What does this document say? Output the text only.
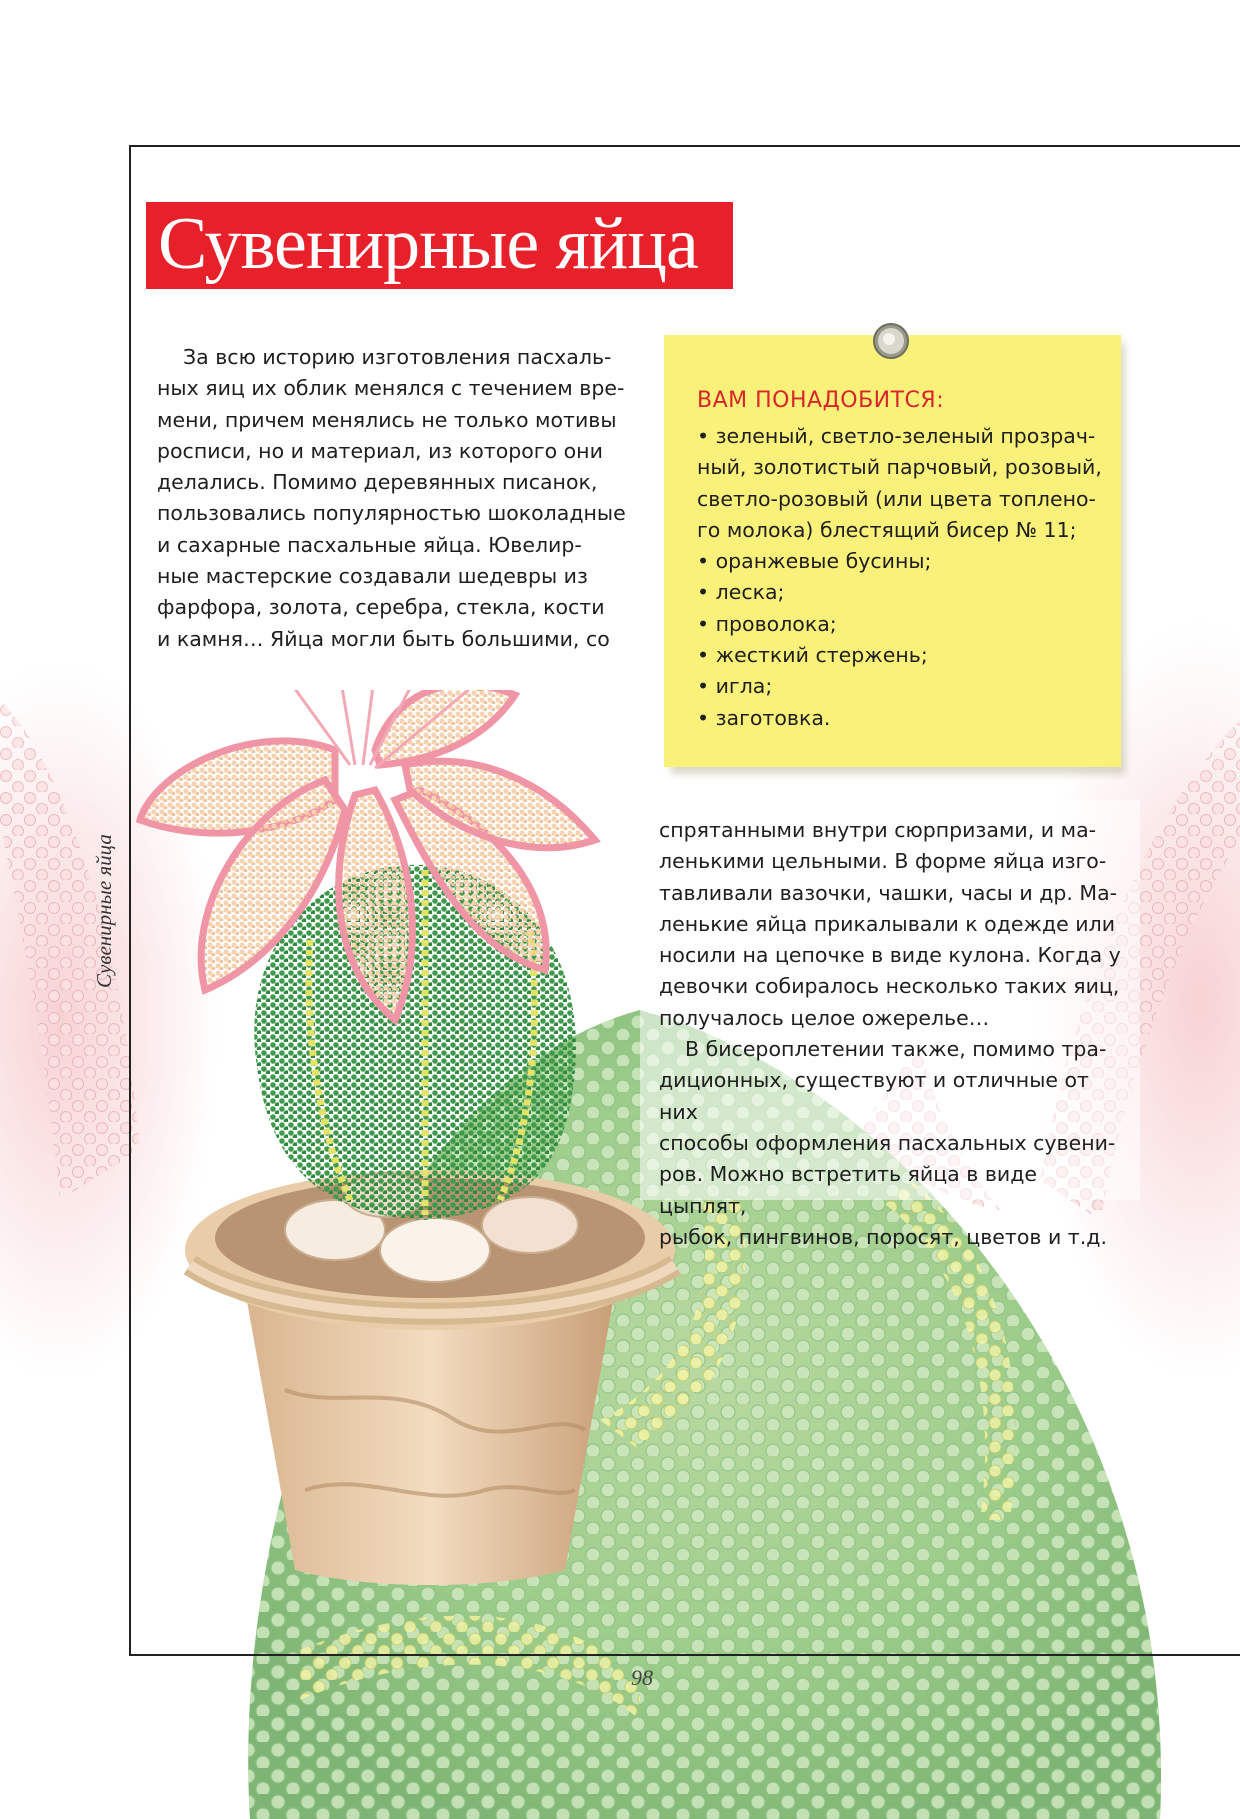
Сувенирные яйца

За всю историю изготовления пасхаль-
ных яиц их облик менялся с течением вре-
мени, причем менялись не только мотивы
росписи, но и материал, из которого они
делались. Помимо деревянных писанок,
пользовались популярностью шоколадные
и сахарные пасхальные яйца. Ювелир-
ные мастерские создавали шедевры из
фарфора, золота, серебра, стекла, кости
и камня… Яйца могли быть большими, со

ВАМ ПОНАДОБИТСЯ:
• зеленый, светло-зеленый прозрач-
ный, золотистый парчовый, розовый,
светло-розовый (или цвета топлено-
го молока) блестящий бисер № 11;
• оранжевые бусины;
• леска;
• проволока;
• жесткий стержень;
• игла;
• заготовка.

спрятанными внутри сюрпризами, и ма-
ленькими цельными. В форме яйца изго-
тавливали вазочки, чашки, часы и др. Ма-
ленькие яйца прикалывали к одежде или
носили на цепочке в виде кулона. Когда у
девочки собиралось несколько таких яиц,
получалось целое ожерелье…

В бисероплетении также, помимо тра-
диционных, существуют и отличные от них
способы оформления пасхальных сувени-
ров. Можно встретить яйца в виде цыплят,
рыбок, пингвинов, поросят, цветов и т.д.

Сувенирные яйца
98
